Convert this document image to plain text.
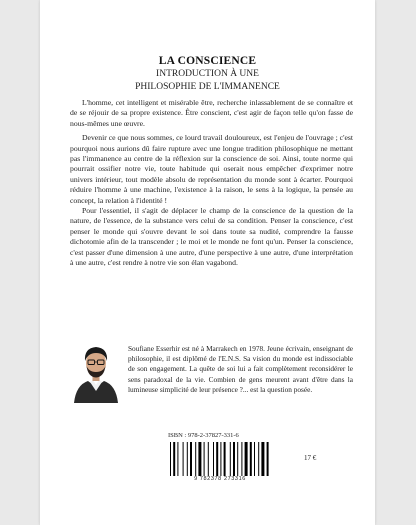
LA CONSCIENCE
INTRODUCTION À UNE
PHILOSOPHIE DE L'IMMANENCE

L'homme, cet intelligent et misérable être, recherche inlassablement de se connaître et de se réjouir de sa propre existence. Être conscient, c'est agir de façon telle qu'on fasse de nous-mêmes une œuvre.

Devenir ce que nous sommes, ce lourd travail douloureux, est l'enjeu de l'ouvrage ; c'est pourquoi nous aurions dû faire rupture avec une longue tradition philosophique ne mettant pas l'immanence au centre de la réflexion sur la conscience de soi. Ainsi, toute norme qui pourrait ossifier notre vie, toute habitude qui oserait nous empêcher d'exprimer notre univers intérieur, tout modèle absolu de représentation du monde sont à écarter. Pourquoi réduire l'homme à une machine, l'existence à la raison, le sens à la logique, la pensée au concept, la relation à l'identité !

Pour l'essentiel, il s'agit de déplacer le champ de la conscience de la question de la nature, de l'essence, de la substance vers celui de sa condition. Penser la conscience, c'est penser le monde qui s'ouvre devant le soi dans toute sa nudité, comprendre la fausse dichotomie afin de la transcender ; le moi et le monde ne font qu'un. Penser la conscience, c'est passer d'une dimension à une autre, d'une perspective à une autre, d'une interprétation à une autre, c'est rendre à notre vie son élan vagabond.

Soufiane Esserhir est né à Marrakech en 1978. Jeune écrivain, enseignant de philosophie, il est diplômé de l'E.N.S. Sa vision du monde est indissociable de son engagement. La quête de soi lui a fait complètement reconsidérer le sens paradoxal de la vie. Combien de gens meurent avant d'être dans la lumineuse simplicité de leur présence ?... est la question posée.
ISBN : 978-2-37827-331-6
9 782378 273316
17 €
